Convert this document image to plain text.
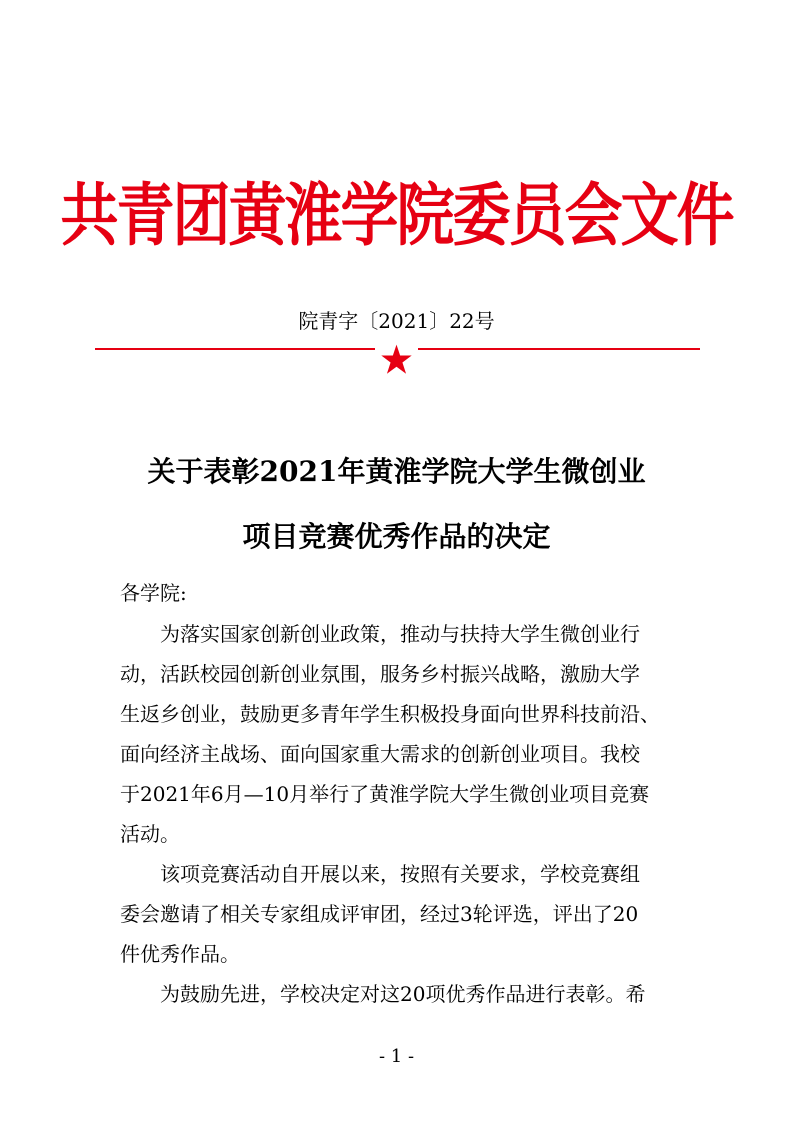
共青团黄淮学院委员会文件
院青字〔2021〕22号
关于表彰2021年黄淮学院大学生微创业
项目竞赛优秀作品的决定
各学院:
　　为落实国家创新创业政策，推动与扶持大学生微创业行
动，活跃校园创新创业氛围，服务乡村振兴战略，激励大学
生返乡创业，鼓励更多青年学生积极投身面向世界科技前沿、
面向经济主战场、面向国家重大需求的创新创业项目。我校
于2021年6月—10月举行了黄淮学院大学生微创业项目竞赛
活动。
　　该项竞赛活动自开展以来，按照有关要求，学校竞赛组
委会邀请了相关专家组成评审团，经过3轮评选，评出了20
件优秀作品。
　　为鼓励先进，学校决定对这20项优秀作品进行表彰。希
- 1 -
